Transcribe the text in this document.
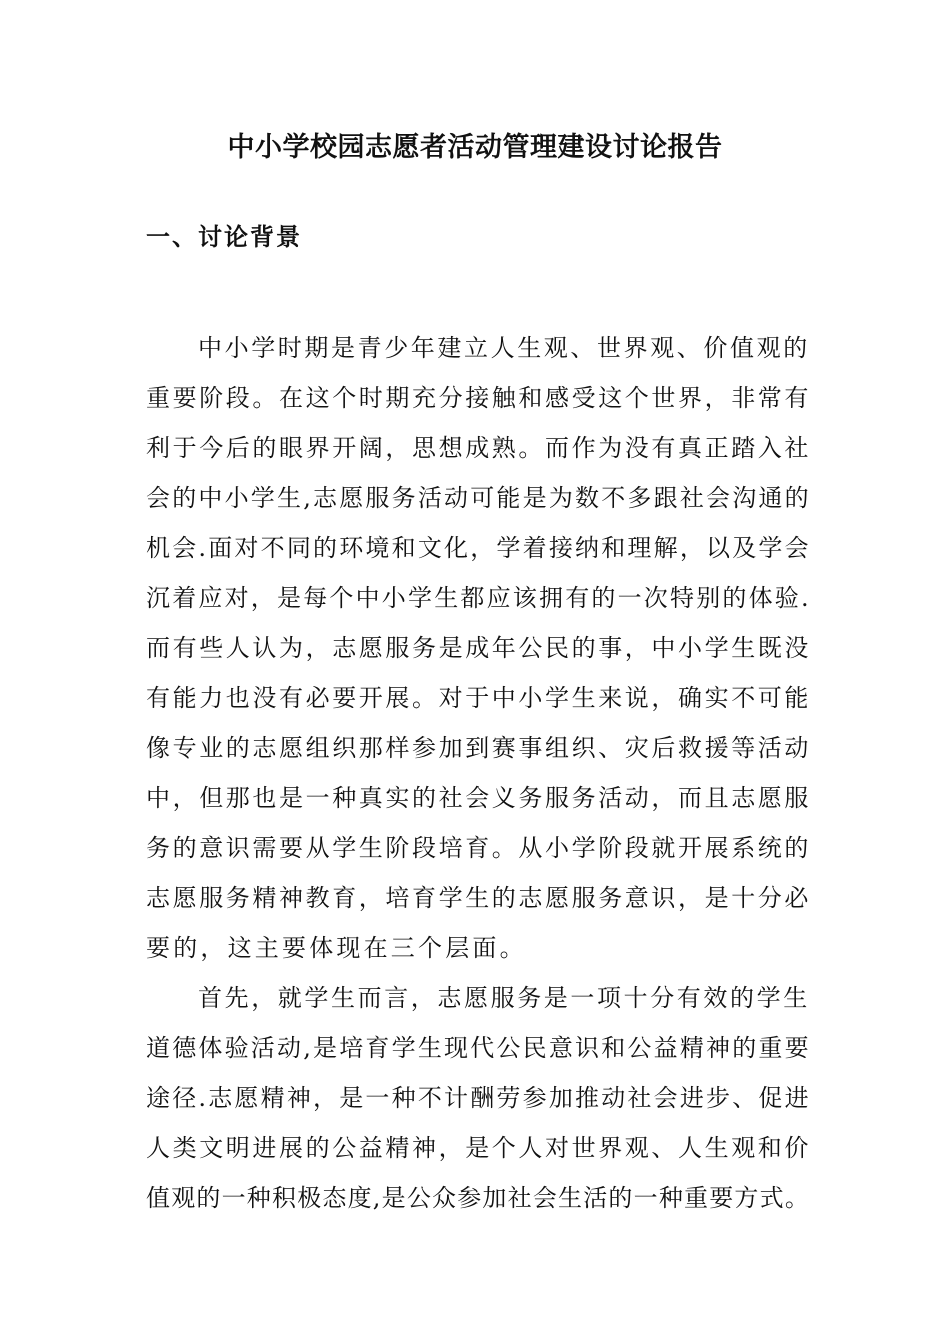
中小学校园志愿者活动管理建设讨论报告
一、讨论背景

中小学时期是青少年建立人生观、世界观、价值观的

重要阶段。在这个时期充分接触和感受这个世界，非常有

利于今后的眼界开阔，思想成熟。而作为没有真正踏入社

会的中小学生,志愿服务活动可能是为数不多跟社会沟通的

机会.面对不同的环境和文化，学着接纳和理解，以及学会

沉着应对，是每个中小学生都应该拥有的一次特别的体验.

而有些人认为，志愿服务是成年公民的事，中小学生既没

有能力也没有必要开展。对于中小学生来说，确实不可能

像专业的志愿组织那样参加到赛事组织、灾后救援等活动

中，但那也是一种真实的社会义务服务活动，而且志愿服

务的意识需要从学生阶段培育。从小学阶段就开展系统的

志愿服务精神教育，培育学生的志愿服务意识，是十分必

要的，这主要体现在三个层面。

首先，就学生而言，志愿服务是一项十分有效的学生

道德体验活动,是培育学生现代公民意识和公益精神的重要

途径.志愿精神，是一种不计酬劳参加推动社会进步、促进

人类文明进展的公益精神，是个人对世界观、人生观和价

值观的一种积极态度,是公众参加社会生活的一种重要方式。
